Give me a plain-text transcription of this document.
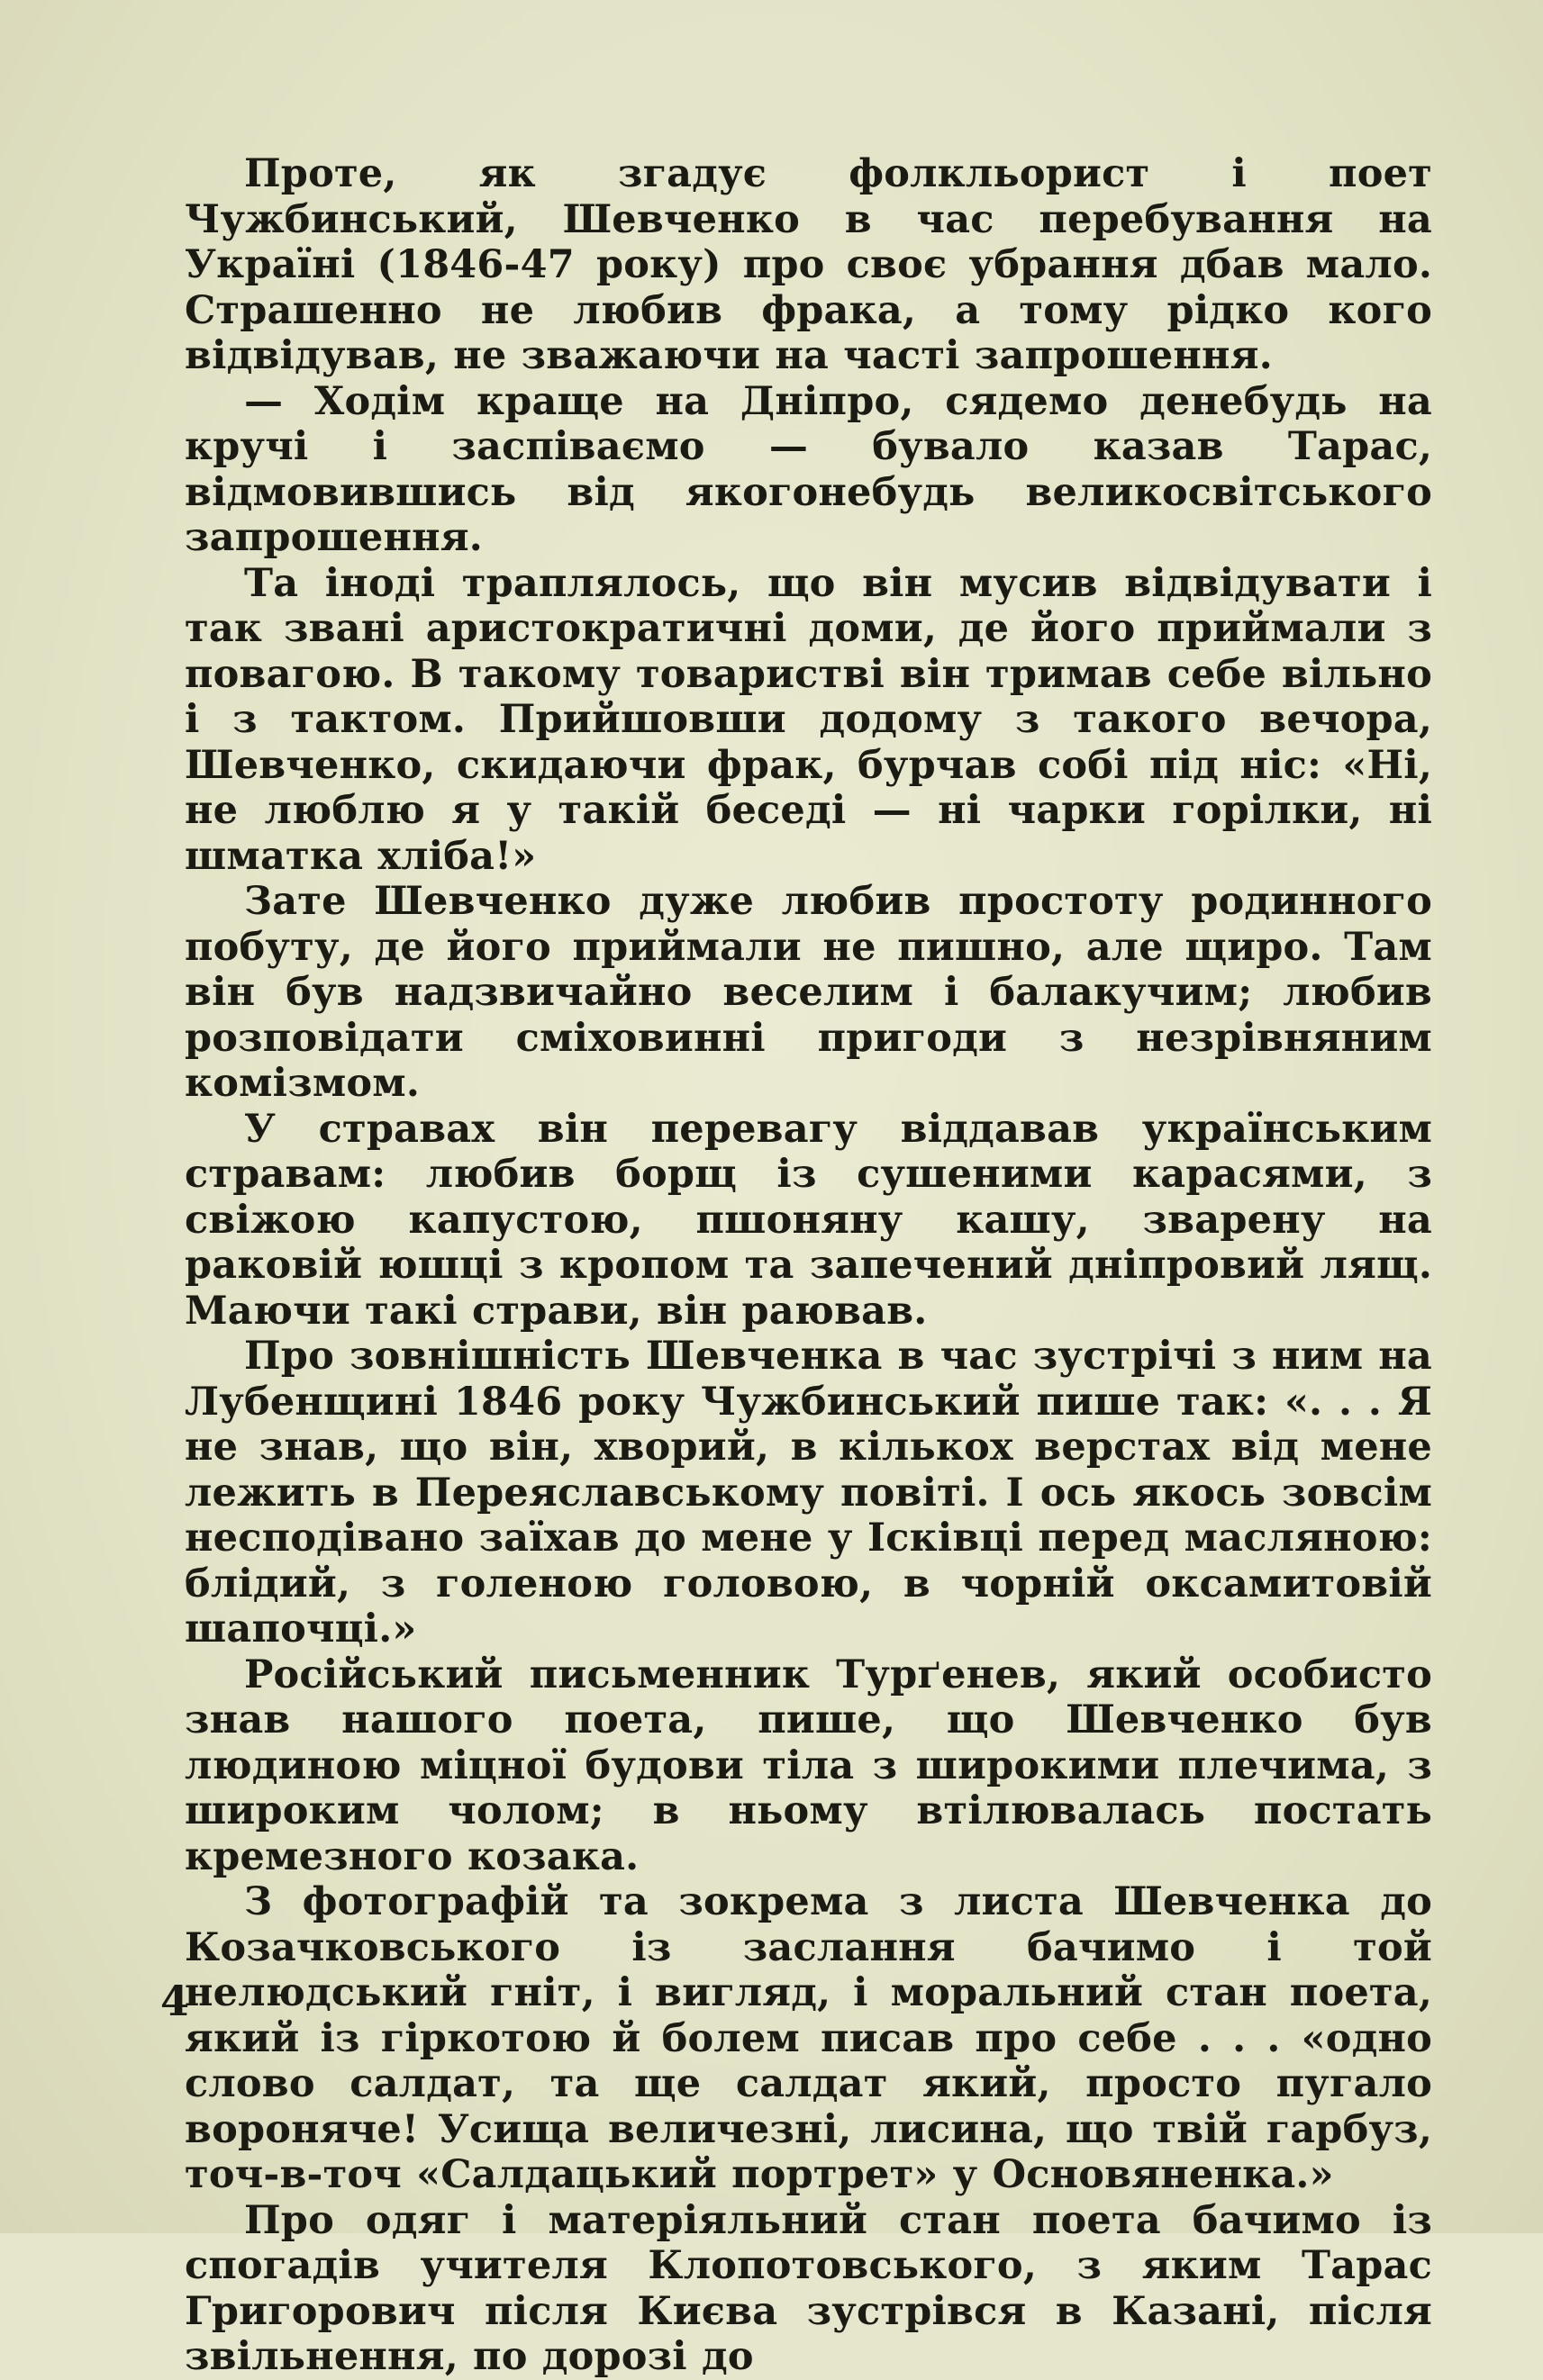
Проте, як згадує фолкльорист і поет Чужбинський, Шевченко в час перебування на Україні (1846-47 року) про своє убрання дбав мало. Страшенно не любив фрака, а тому рідко кого відвідував, не зважаючи на часті запрошення.

— Ходім краще на Дніпро, сядемо денебудь на кручі і заспіваємо — бувало казав Тарас, відмовившись від якогонебудь великосвітського запрошення.

Та іноді траплялось, що він мусив відвідувати і так звані аристократичні доми, де його приймали з повагою. В такому товаристві він тримав себе вільно і з тактом. Прийшовши додому з такого вечора, Шевченко, скидаючи фрак, бурчав собі під ніс: «Ні, не люблю я у такій беседі — ні чарки горілки, ні шматка хліба!»

Зате Шевченко дуже любив простоту родинного побуту, де його приймали не пишно, але щиро. Там він був надзвичайно веселим і балакучим; любив розповідати сміховинні пригоди з незрівняним комізмом.

У стравах він перевагу віддавав українським стравам: любив борщ із сушеними карасями, з свіжою капустою, пшоняну кашу, зварену на раковій юшці з кропом та запечений дніпровий лящ. Маючи такі страви, він раював.

Про зовнішність Шевченка в час зустрічі з ним на Лубенщині 1846 року Чужбинський пише так: «. . . Я не знав, що він, хворий, в кількох верстах від мене лежить в Переяславському повіті. І ось якось зовсім несподівано заїхав до мене у Ісківці перед масляною: блідий, з голеною головою, в чорній оксамитовій шапочці.»

Російський письменник Турґенев, який особисто знав нашого поета, пише, що Шевченко був людиною міцної будови тіла з широкими плечима, з широким чолом; в ньому втілювалась постать кремезного козака.

З фотографій та зокрема з листа Шевченка до Козачковського із заслання бачимо і той нелюдський гніт, і вигляд, і моральний стан поета, який із гіркотою й болем писав про себе . . . «одно слово салдат, та ще салдат який, просто пугало вороняче! Усища величезні, лисина, що твій гарбуз, точ-в-точ «Салдацький портрет» у Основяненка.»

Про одяг і матеріяльний стан поета бачимо із спогадів учителя Клопотовського, з яким Тарас Григорович після Києва зустрівся в Казані, після звільнення, по дорозі до

4
